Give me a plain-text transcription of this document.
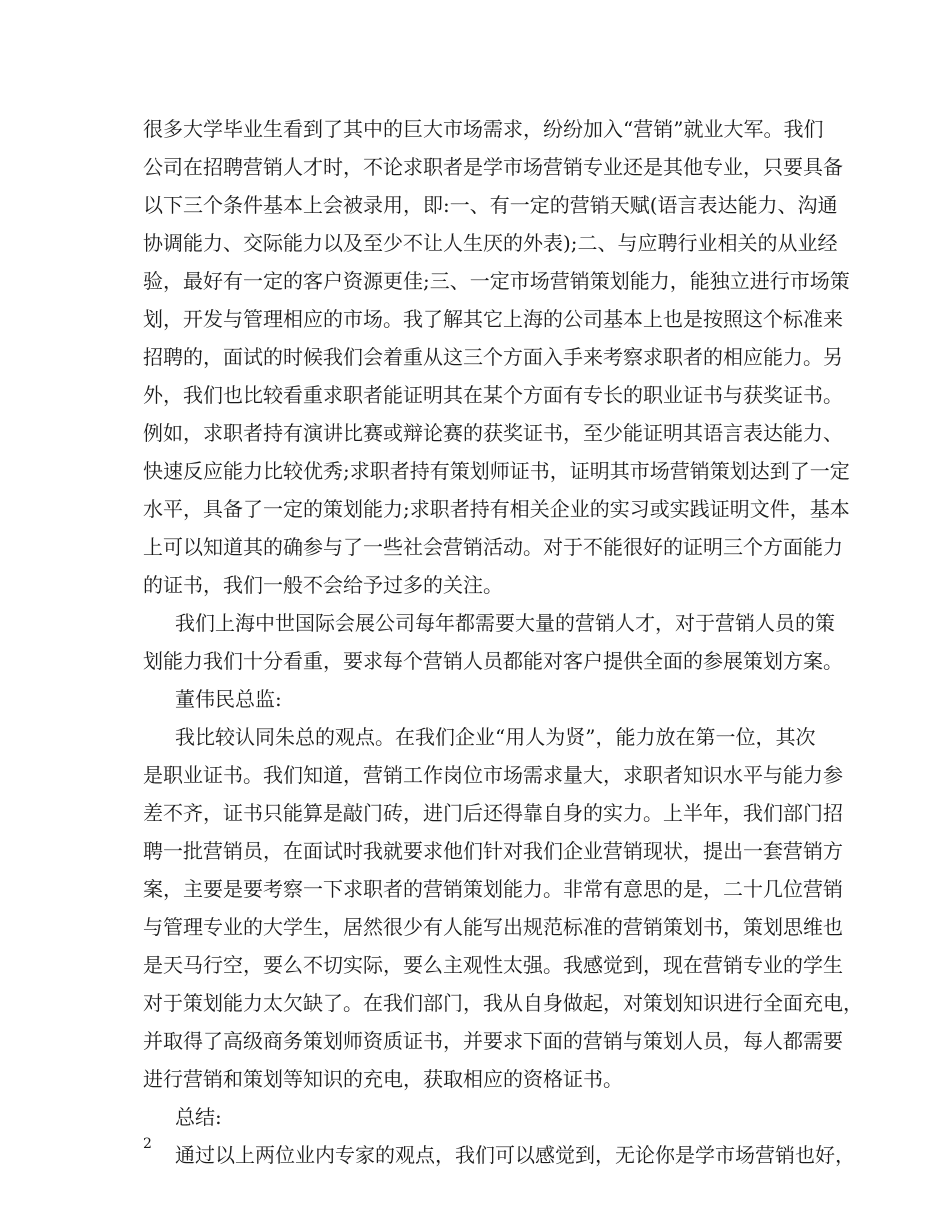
很多大学毕业生看到了其中的巨大市场需求，纷纷加入“营销”就业大军。我们
公司在招聘营销人才时，不论求职者是学市场营销专业还是其他专业，只要具备
以下三个条件基本上会被录用，即:一、有一定的营销天赋(语言表达能力、沟通
协调能力、交际能力以及至少不让人生厌的外表);二、与应聘行业相关的从业经
验，最好有一定的客户资源更佳;三、一定市场营销策划能力，能独立进行市场策
划，开发与管理相应的市场。我了解其它上海的公司基本上也是按照这个标准来
招聘的，面试的时候我们会着重从这三个方面入手来考察求职者的相应能力。另
外，我们也比较看重求职者能证明其在某个方面有专长的职业证书与获奖证书。
例如，求职者持有演讲比赛或辩论赛的获奖证书，至少能证明其语言表达能力、
快速反应能力比较优秀;求职者持有策划师证书，证明其市场营销策划达到了一定
水平，具备了一定的策划能力;求职者持有相关企业的实习或实践证明文件，基本
上可以知道其的确参与了一些社会营销活动。对于不能很好的证明三个方面能力
的证书，我们一般不会给予过多的关注。
我们上海中世国际会展公司每年都需要大量的营销人才，对于营销人员的策
划能力我们十分看重，要求每个营销人员都能对客户提供全面的参展策划方案。
董伟民总监:
我比较认同朱总的观点。在我们企业“用人为贤”，能力放在第一位，其次
是职业证书。我们知道，营销工作岗位市场需求量大，求职者知识水平与能力参
差不齐，证书只能算是敲门砖，进门后还得靠自身的实力。上半年，我们部门招
聘一批营销员，在面试时我就要求他们针对我们企业营销现状，提出一套营销方
案，主要是要考察一下求职者的营销策划能力。非常有意思的是，二十几位营销
与管理专业的大学生，居然很少有人能写出规范标准的营销策划书，策划思维也
是天马行空，要么不切实际，要么主观性太强。我感觉到，现在营销专业的学生
对于策划能力太欠缺了。在我们部门，我从自身做起，对策划知识进行全面充电，
并取得了高级商务策划师资质证书，并要求下面的营销与策划人员，每人都需要
进行营销和策划等知识的充电，获取相应的资格证书。
总结:
通过以上两位业内专家的观点，我们可以感觉到，无论你是学市场营销也好，
2
